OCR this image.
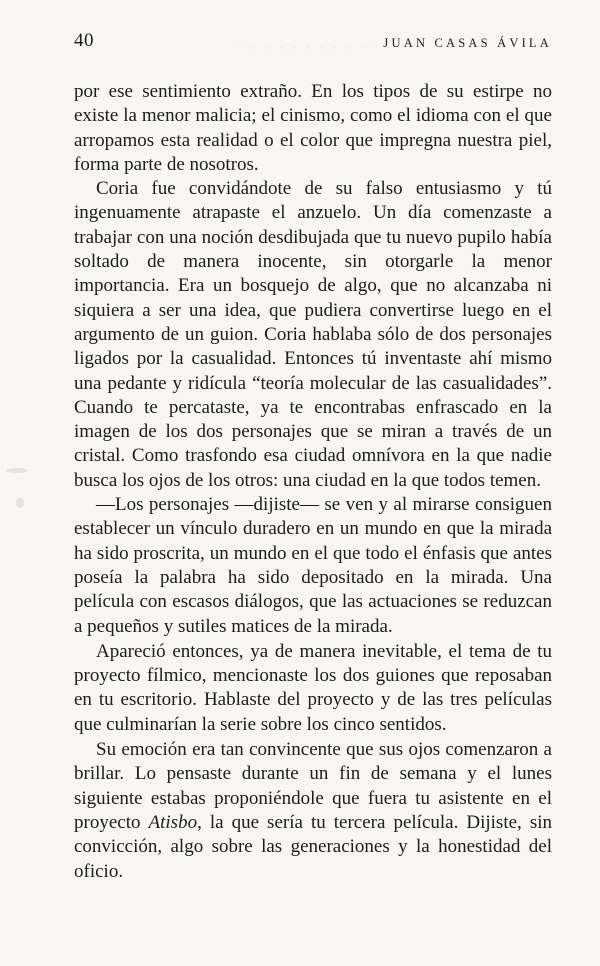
· · · · · · · · · · ·
40	JUAN CASAS ÁVILA

por ese sentimiento extraño. En los tipos de su estirpe no existe la menor malicia; el cinismo, como el idioma con el que arropamos esta realidad o el color que impregna nuestra piel, forma parte de nosotros.

Coria fue convidándote de su falso entusiasmo y tú ingenuamente atrapaste el anzuelo. Un día comenzaste a trabajar con una noción desdibujada que tu nuevo pupilo había soltado de manera inocente, sin otorgarle la menor importancia. Era un bosquejo de algo, que no alcanzaba ni siquiera a ser una idea, que pudiera convertirse luego en el argumento de un guion. Coria hablaba sólo de dos personajes ligados por la casualidad. Entonces tú inventaste ahí mismo una pedante y ridícula “teoría molecular de las casualidades”. Cuando te percataste, ya te encontrabas enfrascado en la imagen de los dos personajes que se miran a través de un cristal. Como trasfondo esa ciudad omnívora en la que nadie busca los ojos de los otros: una ciudad en la que todos temen.

—Los personajes —dijiste— se ven y al mirarse consiguen establecer un vínculo duradero en un mundo en que la mirada ha sido proscrita, un mundo en el que todo el énfasis que antes poseía la palabra ha sido depositado en la mirada. Una película con escasos diálogos, que las actuaciones se reduzcan a pequeños y sutiles matices de la mirada.

Apareció entonces, ya de manera inevitable, el tema de tu proyecto fílmico, mencionaste los dos guiones que reposaban en tu escritorio. Hablaste del proyecto y de las tres películas que culminarían la serie sobre los cinco sentidos.

Su emoción era tan convincente que sus ojos comenzaron a brillar. Lo pensaste durante un fin de semana y el lunes siguiente estabas proponiéndole que fuera tu asistente en el proyecto Atisbo, la que sería tu tercera película. Dijiste, sin convicción, algo sobre las generaciones y la honestidad del oficio.
